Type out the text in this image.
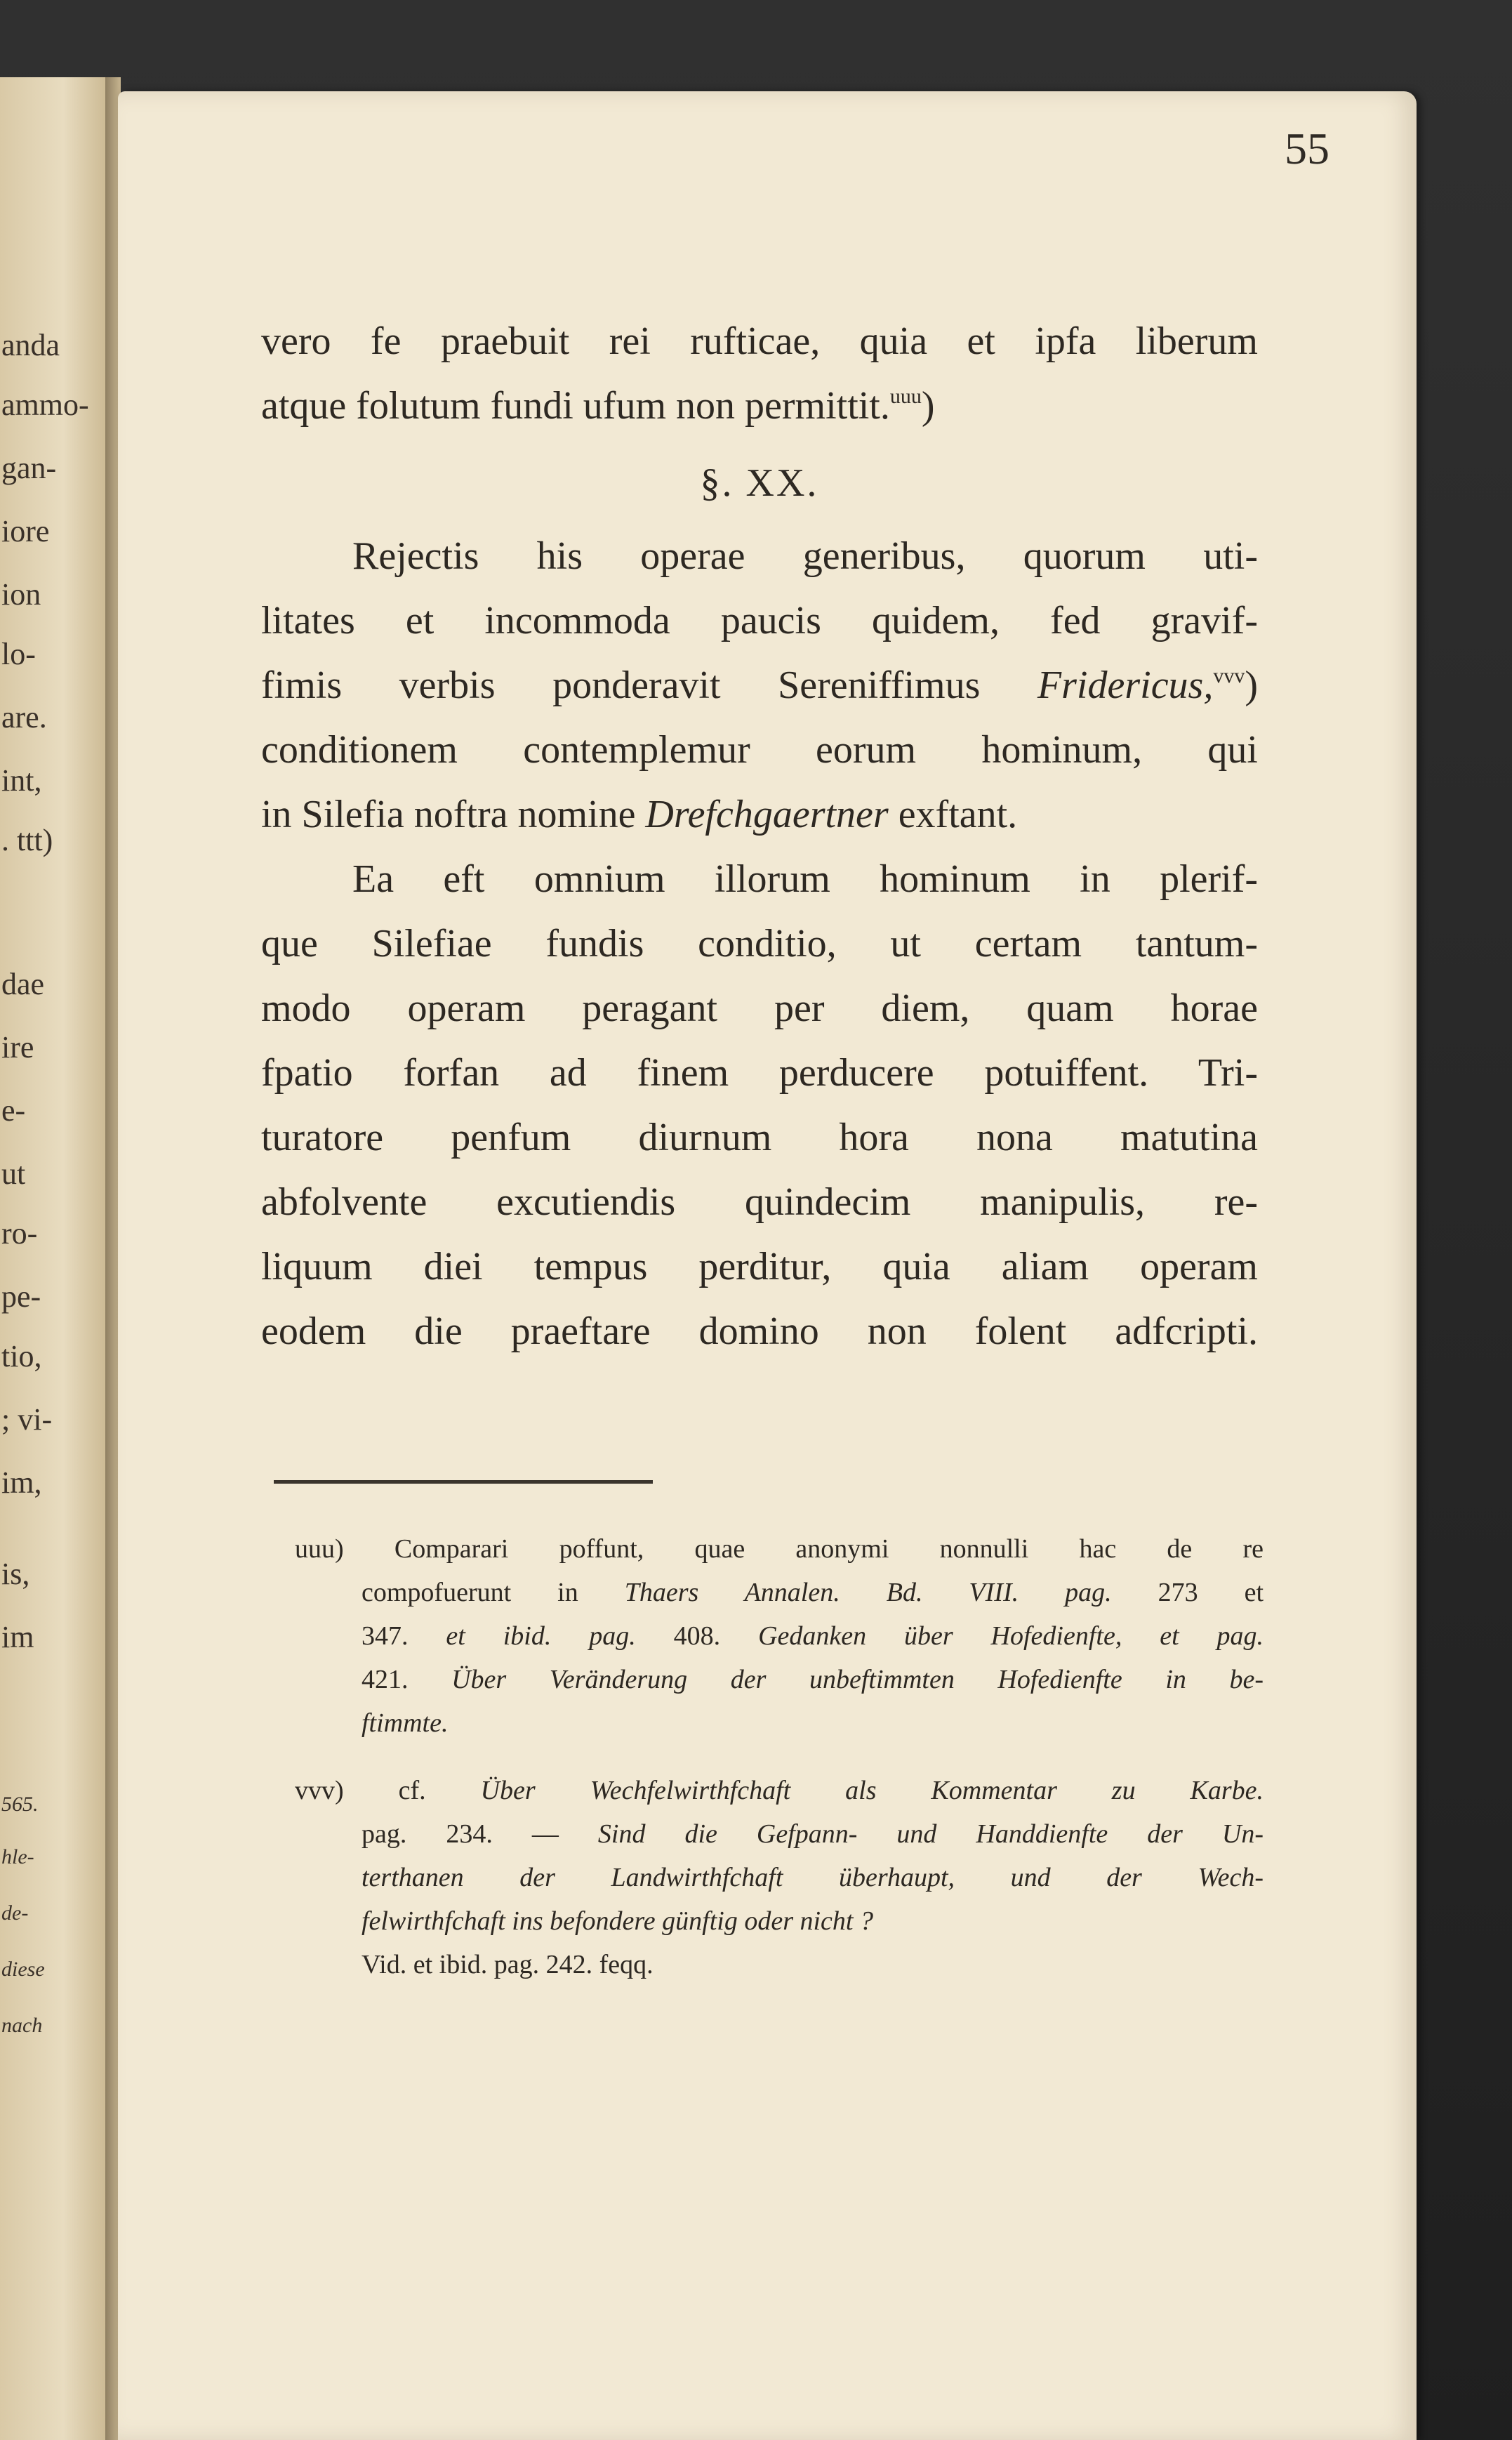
anda
ammo-
gan-
iore
ion
lo-
are.
int,
. ttt)
dae
ire
e-
ut
ro-
pe-
tio,
; vi-
im,
is,
im
565.
hle-
de-
diese
nach
55
vero fe praebuit rei rufticae, quia et ipfa liberum
atque folutum fundi ufum non permittit.$^{uuu}$)
§. XX.
Rejectis his operae generibus, quorum uti-
litates et incommoda paucis quidem, fed gravif-
fimis verbis ponderavit Sereniffimus Fridericus,$^{vvv}$)
conditionem contemplemur eorum hominum, qui
in Silefia noftra nomine Drefchgaertner exftant.
Ea eft omnium illorum hominum in plerif-
que Silefiae fundis conditio, ut certam tantum-
modo operam peragant per diem, quam horae
fpatio forfan ad finem perducere potuiffent. Tri-
turatore penfum diurnum hora nona matutina
abfolvente excutiendis quindecim manipulis, re-
liquum diei tempus perditur, quia aliam operam
eodem die praeftare domino non folent adfcripti.
uuu) Comparari poffunt, quae anonymi nonnulli hac de re
compofuerunt in Thaers Annalen. Bd. VIII. pag. 273 et
347. et ibid. pag. 408. Gedanken über Hofedienfte, et pag.
421. Über Veränderung der unbeftimmten Hofedienfte in be-
ftimmte.
vvv) cf. Über Wechfelwirthfchaft als Kommentar zu Karbe.
pag. 234. — Sind die Gefpann- und Handdienfte der Un-
terthanen der Landwirthfchaft überhaupt, und der Wech-
felwirthfchaft ins befondere günftig oder nicht ?
Vid. et ibid. pag. 242. feqq.
